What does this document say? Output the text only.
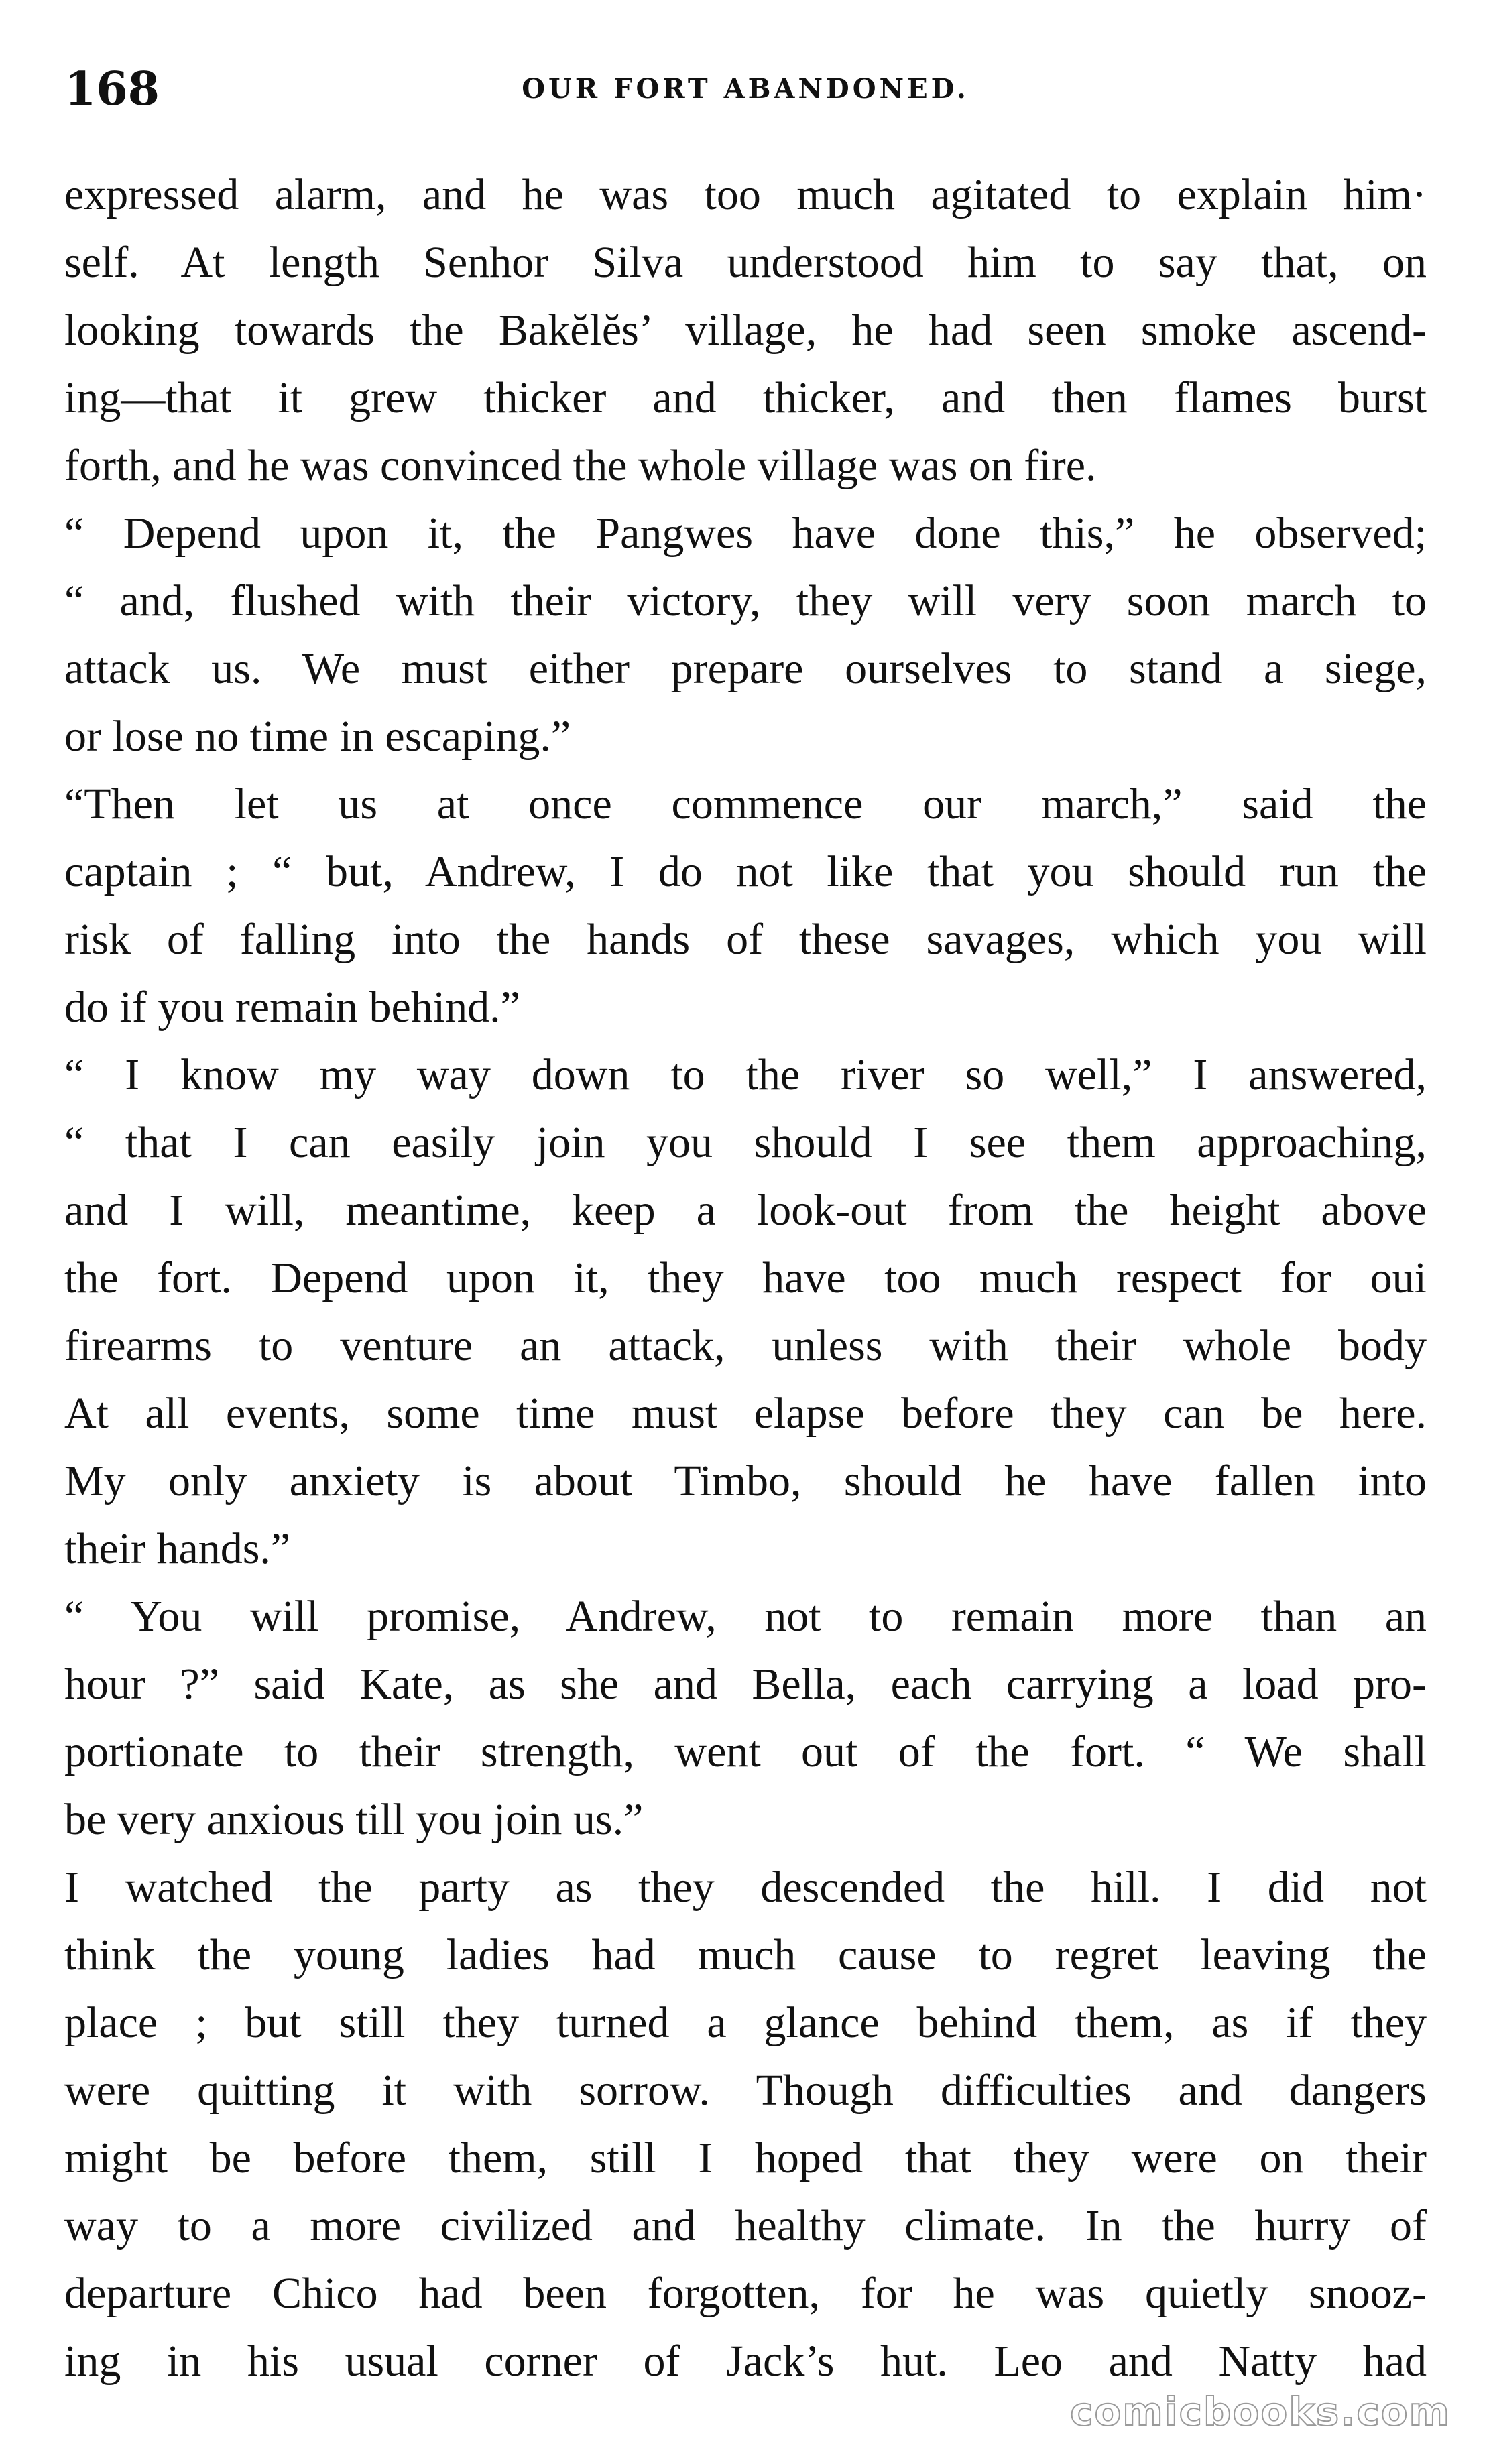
168	OUR FORT ABANDONED.
expressed alarm, and he was too much agitated to explain him·
self. At length Senhor Silva understood him to say that, on
looking towards the Bakĕlĕs’ village, he had seen smoke ascend-
ing—that it grew thicker and thicker, and then flames burst
forth, and he was convinced the whole village was on fire.
“ Depend upon it, the Pangwes have done this,” he observed;
“ and, flushed with their victory, they will very soon march to
attack us. We must either prepare ourselves to stand a siege,
or lose no time in escaping.”
“Then let us at once commence our march,” said the
captain ; “ but, Andrew, I do not like that you should run the
risk of falling into the hands of these savages, which you will
do if you remain behind.”
“ I know my way down to the river so well,” I answered,
“ that I can easily join you should I see them approaching,
and I will, meantime, keep a look-out from the height above
the fort. Depend upon it, they have too much respect for oui
firearms to venture an attack, unless with their whole body
At all events, some time must elapse before they can be here.
My only anxiety is about Timbo, should he have fallen into
their hands.”
“ You will promise, Andrew, not to remain more than an
hour ?” said Kate, as she and Bella, each carrying a load pro-
portionate to their strength, went out of the fort. “ We shall
be very anxious till you join us.”
I watched the party as they descended the hill. I did not
think the young ladies had much cause to regret leaving the
place ; but still they turned a glance behind them, as if they
were quitting it with sorrow. Though difficulties and dangers
might be before them, still I hoped that they were on their
way to a more civilized and healthy climate. In the hurry of
departure Chico had been forgotten, for he was quietly snooz-
ing in his usual corner of Jack’s hut. Leo and Natty had
comicbooks.com
